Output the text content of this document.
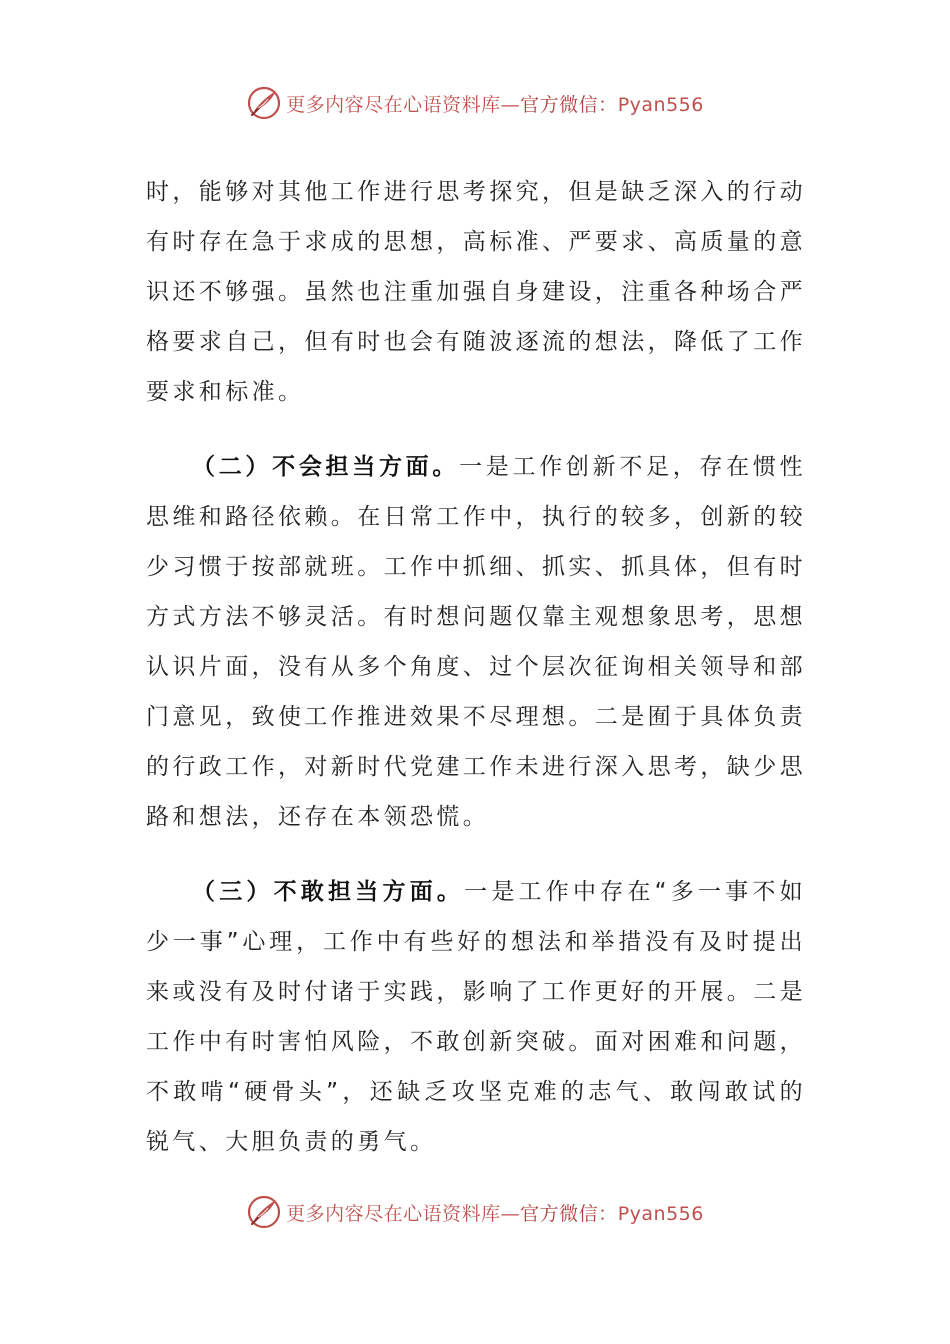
更多内容尽在心语资料库—官方微信：Pyan556

时，能够对其他工作进行思考探究，但是缺乏深入的行动有时存在急于求成的思想，高标准、严要求、高质量的意识还不够强。虽然也注重加强自身建设，注重各种场合严格要求自己，但有时也会有随波逐流的想法，降低了工作要求和标准。

（二）不会担当方面。一是工作创新不足，存在惯性思维和路径依赖。在日常工作中，执行的较多，创新的较少习惯于按部就班。工作中抓细、抓实、抓具体，但有时方式方法不够灵活。有时想问题仅靠主观想象思考，思想认识片面，没有从多个角度、过个层次征询相关领导和部门意见，致使工作推进效果不尽理想。二是囿于具体负责的行政工作，对新时代党建工作未进行深入思考，缺少思路和想法，还存在本领恐慌。

（三）不敢担当方面。一是工作中存在“多一事不如少一事”心理，工作中有些好的想法和举措没有及时提出来或没有及时付诸于实践，影响了工作更好的开展。二是工作中有时害怕风险，不敢创新突破。面对困难和问题，不敢啃“硬骨头”，还缺乏攻坚克难的志气、敢闯敢试的锐气、大胆负责的勇气。

更多内容尽在心语资料库—官方微信：Pyan556
